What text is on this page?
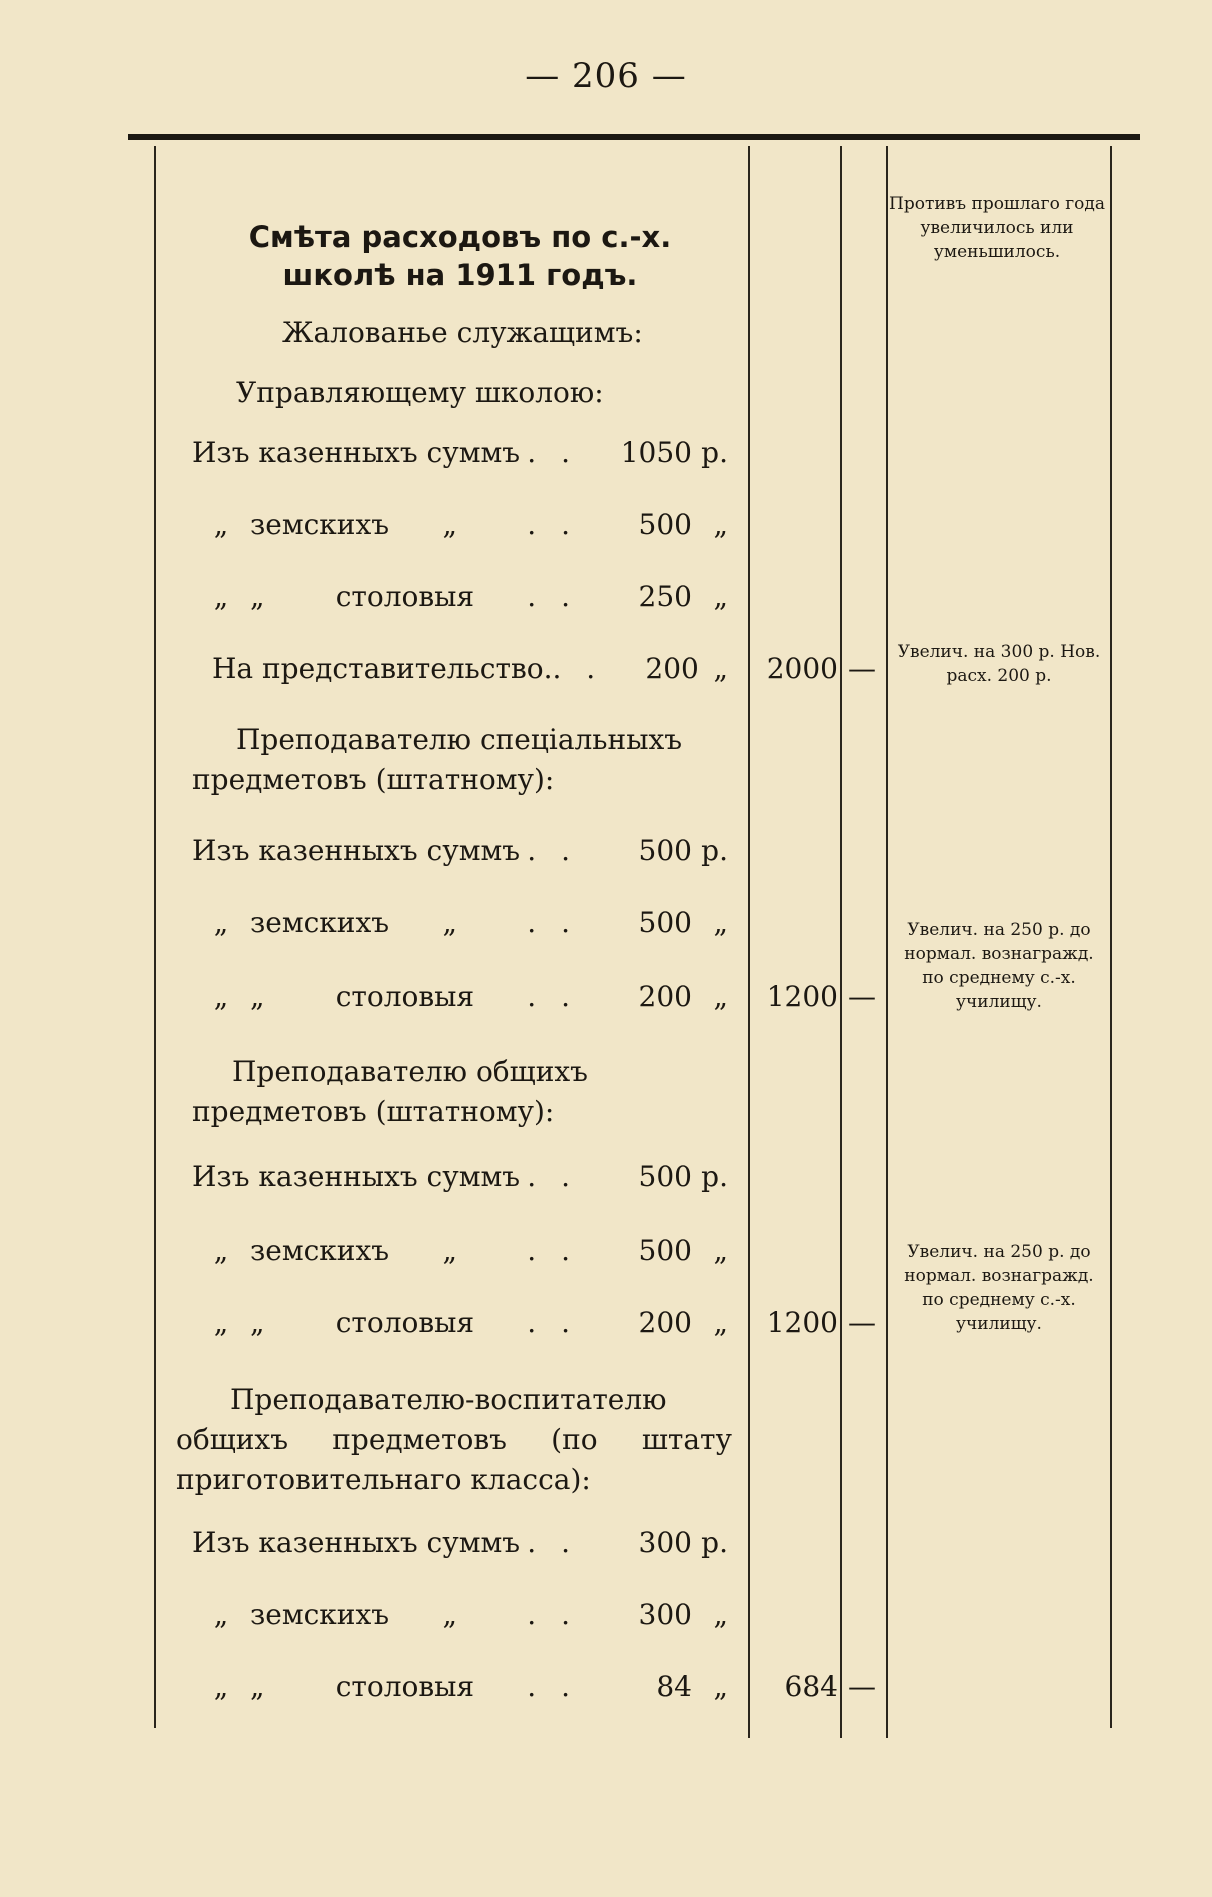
— 206 —
Смѣта расходовъ по с.-х. школѣ на 1911 годъ.
Противъ прошлаго года увеличилось или уменьшилось.
Жалованье служащимъ:
Управляющему школою:
Изъ казенныхъ суммъ . .	1050 р.
„ земскихъ      „	. .	500 „
„ „        столовыя	. .	250 „
На представительство. . .	200 „	2000 —	Увелич. на 300 р. Нов. расх. 200 р.
Преподавателю спеціальныхъ предметовъ (штатному):
Изъ казенныхъ суммъ . .	500 р.
„ земскихъ      „	. .	500 „
„ „        столовыя	. .	200 „	1200 —
Увелич. на 250 р. до нормал. вознагражд. по среднему с.-х. училищу.
Преподавателю общихъ предметовъ (штатному):
Изъ казенныхъ суммъ . .	500 р.
„ земскихъ      „	. .	500 „
„ „        столовыя	. .	200 „	1200 —
Увелич. на 250 р. до нормал. вознагражд. по среднему с.-х. училищу.
Преподавателю-воспитателю общихъ предметовъ (по штату приготовительнаго класса):
Изъ казенныхъ суммъ . .	300 р.
„ земскихъ      „	. .	300 „
„ „        столовыя	. .	84 „	684 —
